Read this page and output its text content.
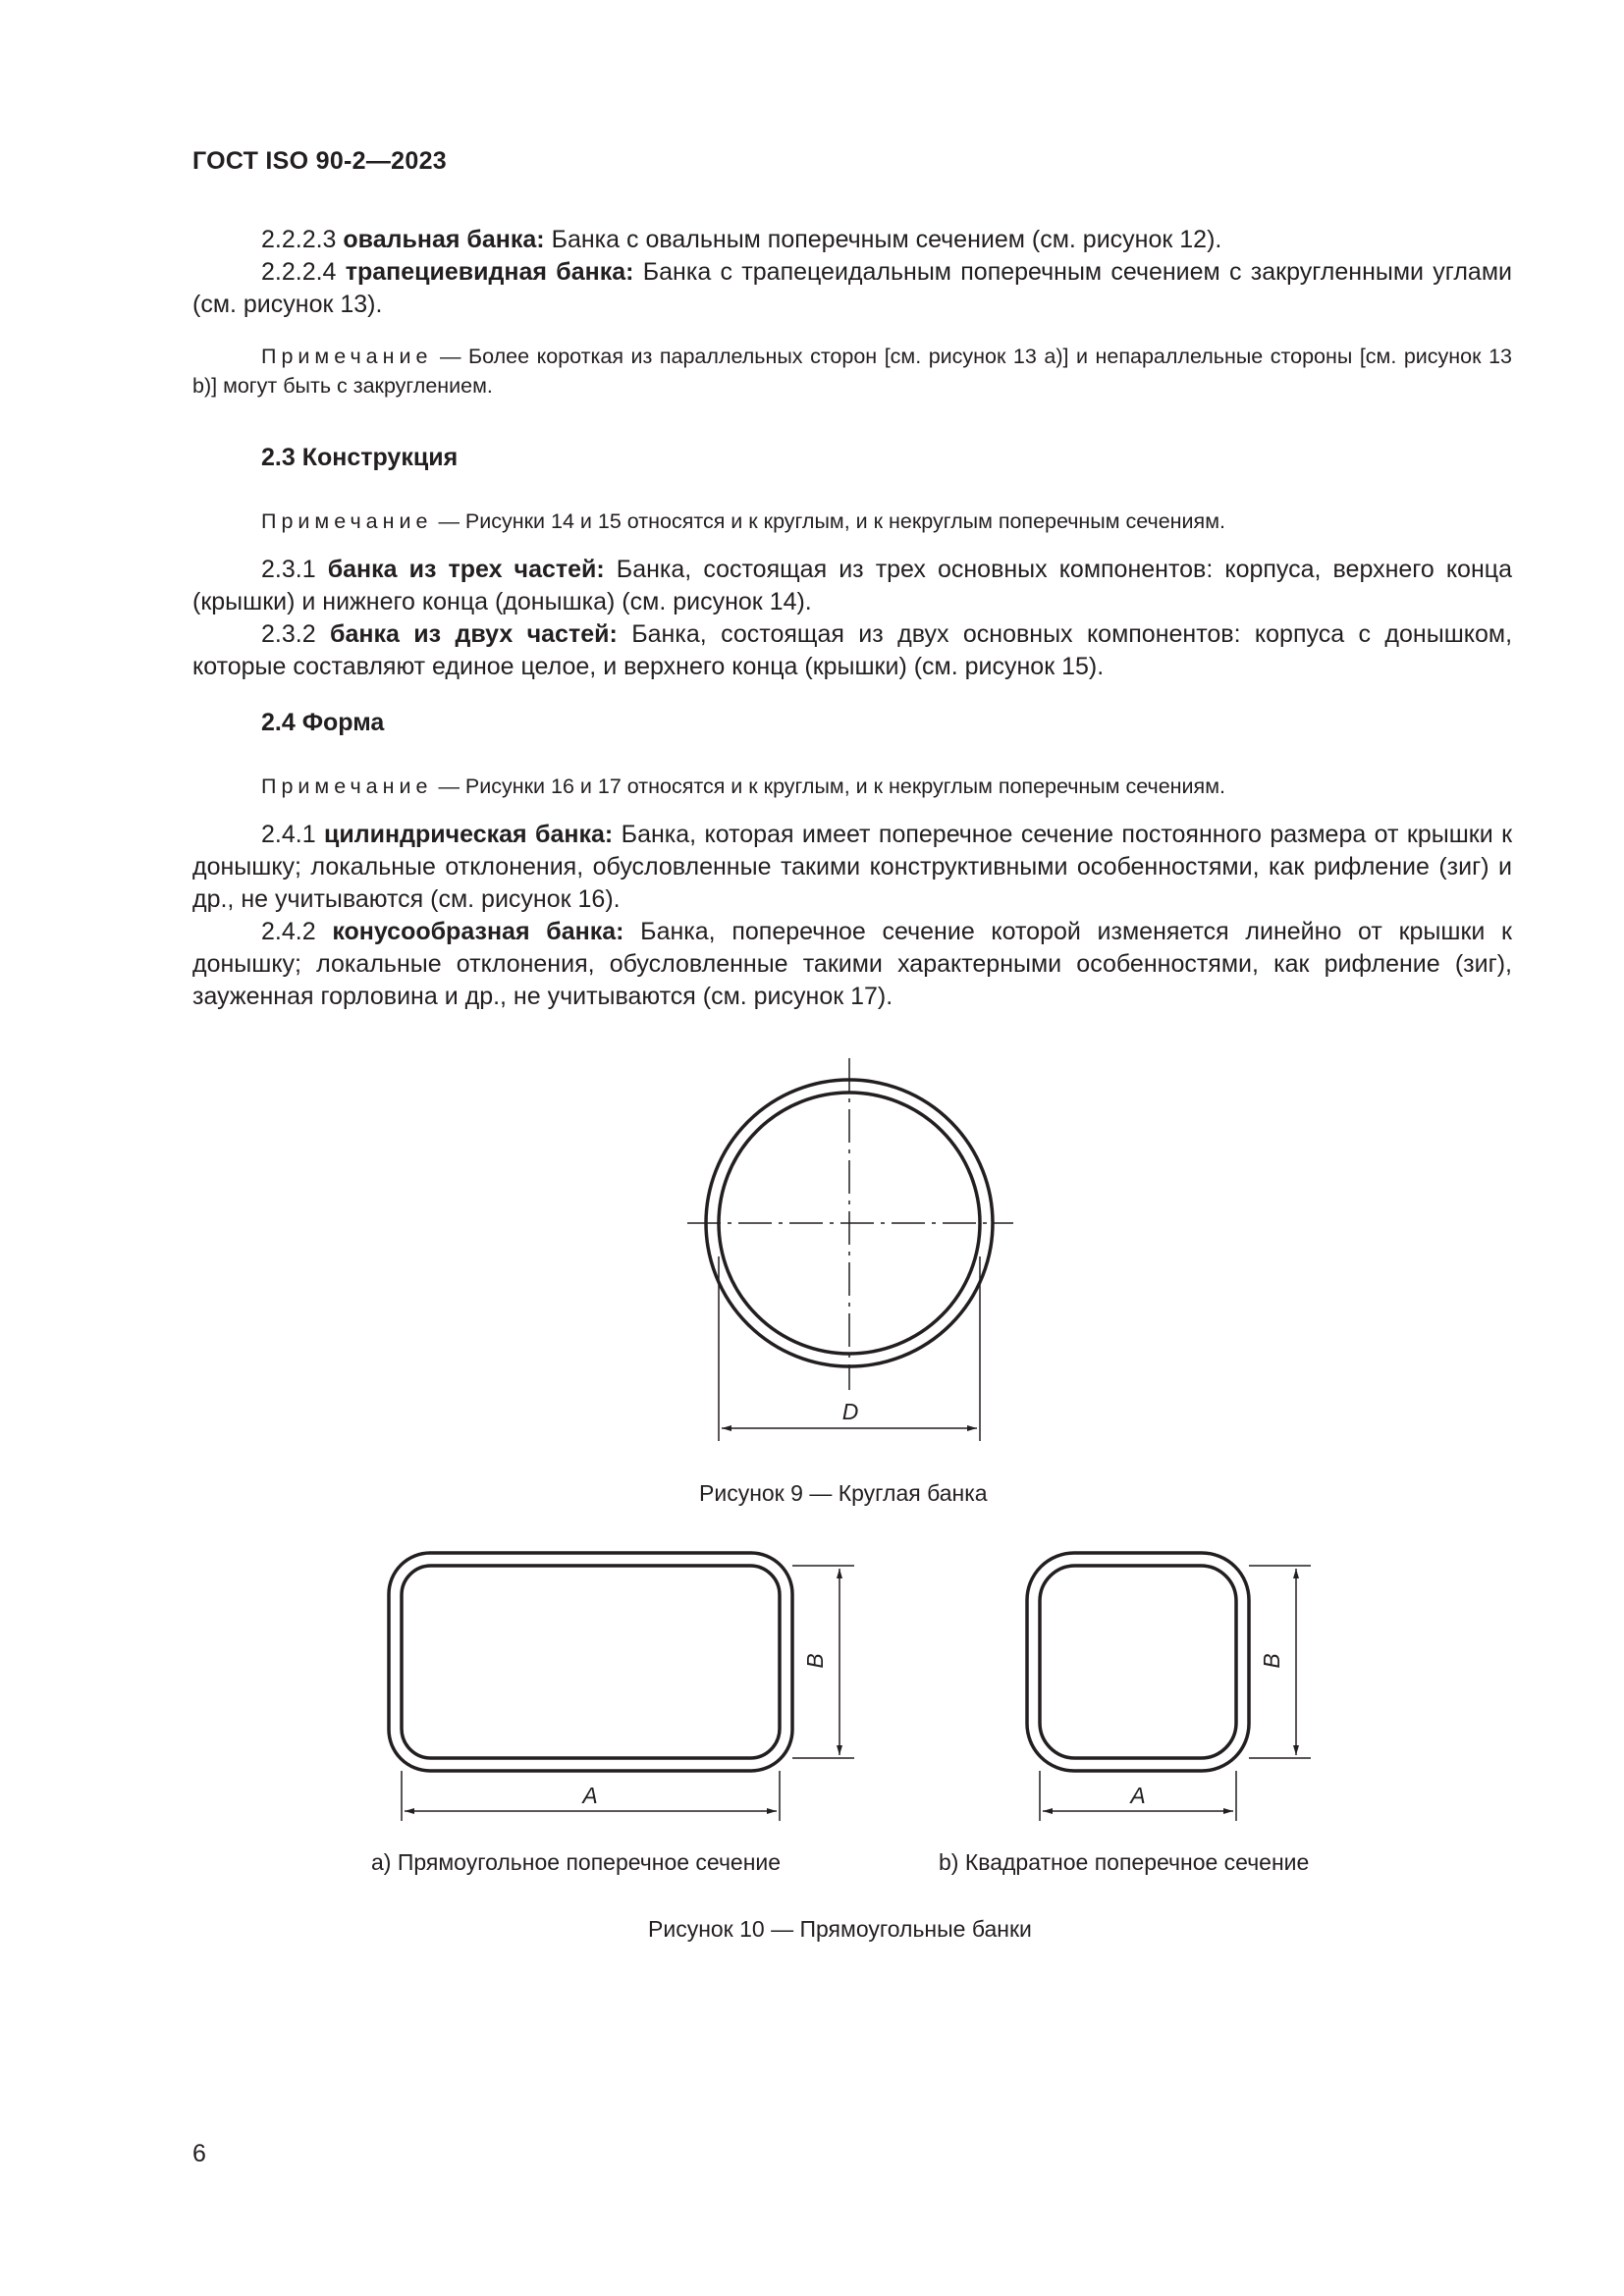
ГОСТ ISO 90-2—2023

2.2.2.3 овальная банка: Банка с овальным поперечным сечением (см. рисунок 12).

2.2.2.4 трапециевидная банка: Банка с трапецеидальным поперечным сечением с закругленными углами (см. рисунок 13).

Примечание — Более короткая из параллельных сторон [см. рисунок 13 a)] и непараллельные стороны [см. рисунок 13 b)] могут быть с закруглением.

2.3 Конструкция

Примечание — Рисунки 14 и 15 относятся и к круглым, и к некруглым поперечным сечениям.

2.3.1 банка из трех частей: Банка, состоящая из трех основных компонентов: корпуса, верхнего конца (крышки) и нижнего конца (донышка) (см. рисунок 14).

2.3.2 банка из двух частей: Банка, состоящая из двух основных компонентов: корпуса с донышком, которые составляют единое целое, и верхнего конца (крышки) (см. рисунок 15).

2.4 Форма

Примечание — Рисунки 16 и 17 относятся и к круглым, и к некруглым поперечным сечениям.

2.4.1 цилиндрическая банка: Банка, которая имеет поперечное сечение постоянного размера от крышки к донышку; локальные отклонения, обусловленные такими конструктивными особенностями, как рифление (зиг) и др., не учитываются (см. рисунок 16).

2.4.2 конусообразная банка: Банка, поперечное сечение которой изменяется линейно от крышки к донышку; локальные отклонения, обусловленные такими характерными особенностями, как рифление (зиг), зауженная горловина и др., не учитываются (см. рисунок 17).

D
A
B
A
B
Рисунок 9 — Круглая банка
a) Прямоугольное поперечное сечение	b) Квадратное поперечное сечение
Рисунок 10 — Прямоугольные банки
6
